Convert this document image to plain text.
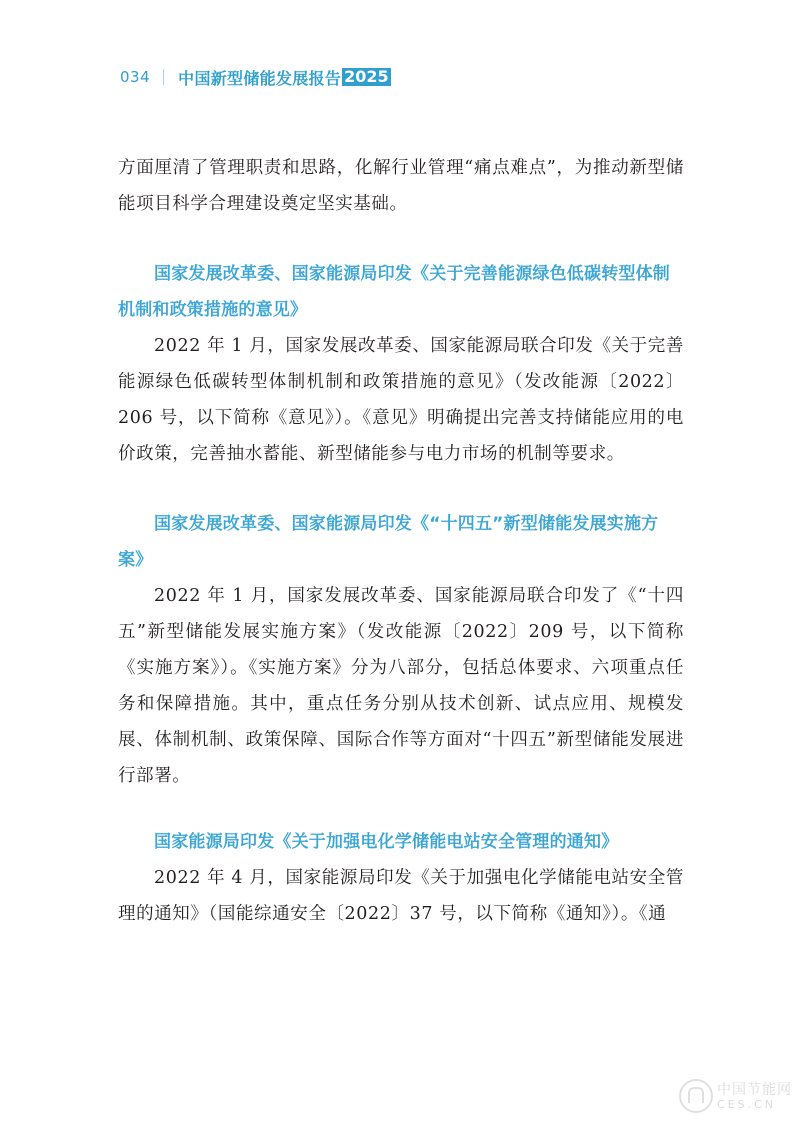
034 中国新型储能发展报告 2025

方面厘清了管理职责和思路，化解行业管理“痛点难点”，为推动新型储能项目科学合理建设奠定坚实基础。

国家发展改革委、国家能源局印发《关于完善能源绿色低碳转型体制机制和政策措施的意见》

2022 年 1 月，国家发展改革委、国家能源局联合印发《关于完善能源绿色低碳转型体制机制和政策措施的意见》（发改能源〔2022〕206 号，以下简称《意见》）。《意见》明确提出完善支持储能应用的电价政策，完善抽水蓄能、新型储能参与电力市场的机制等要求。

国家发展改革委、国家能源局印发《“十四五”新型储能发展实施方案》

2022 年 1 月，国家发展改革委、国家能源局联合印发了《“十四五”新型储能发展实施方案》（发改能源〔2022〕209 号，以下简称《实施方案》）。《实施方案》分为八部分，包括总体要求、六项重点任务和保障措施。其中，重点任务分别从技术创新、试点应用、规模发展、体制机制、政策保障、国际合作等方面对“十四五”新型储能发展进行部署。

国家能源局印发《关于加强电化学储能电站安全管理的通知》

2022 年 4 月，国家能源局印发《关于加强电化学储能电站安全管理的通知》（国能综通安全〔2022〕37 号，以下简称《通知》）。《通

中国节能网
CES.CN
